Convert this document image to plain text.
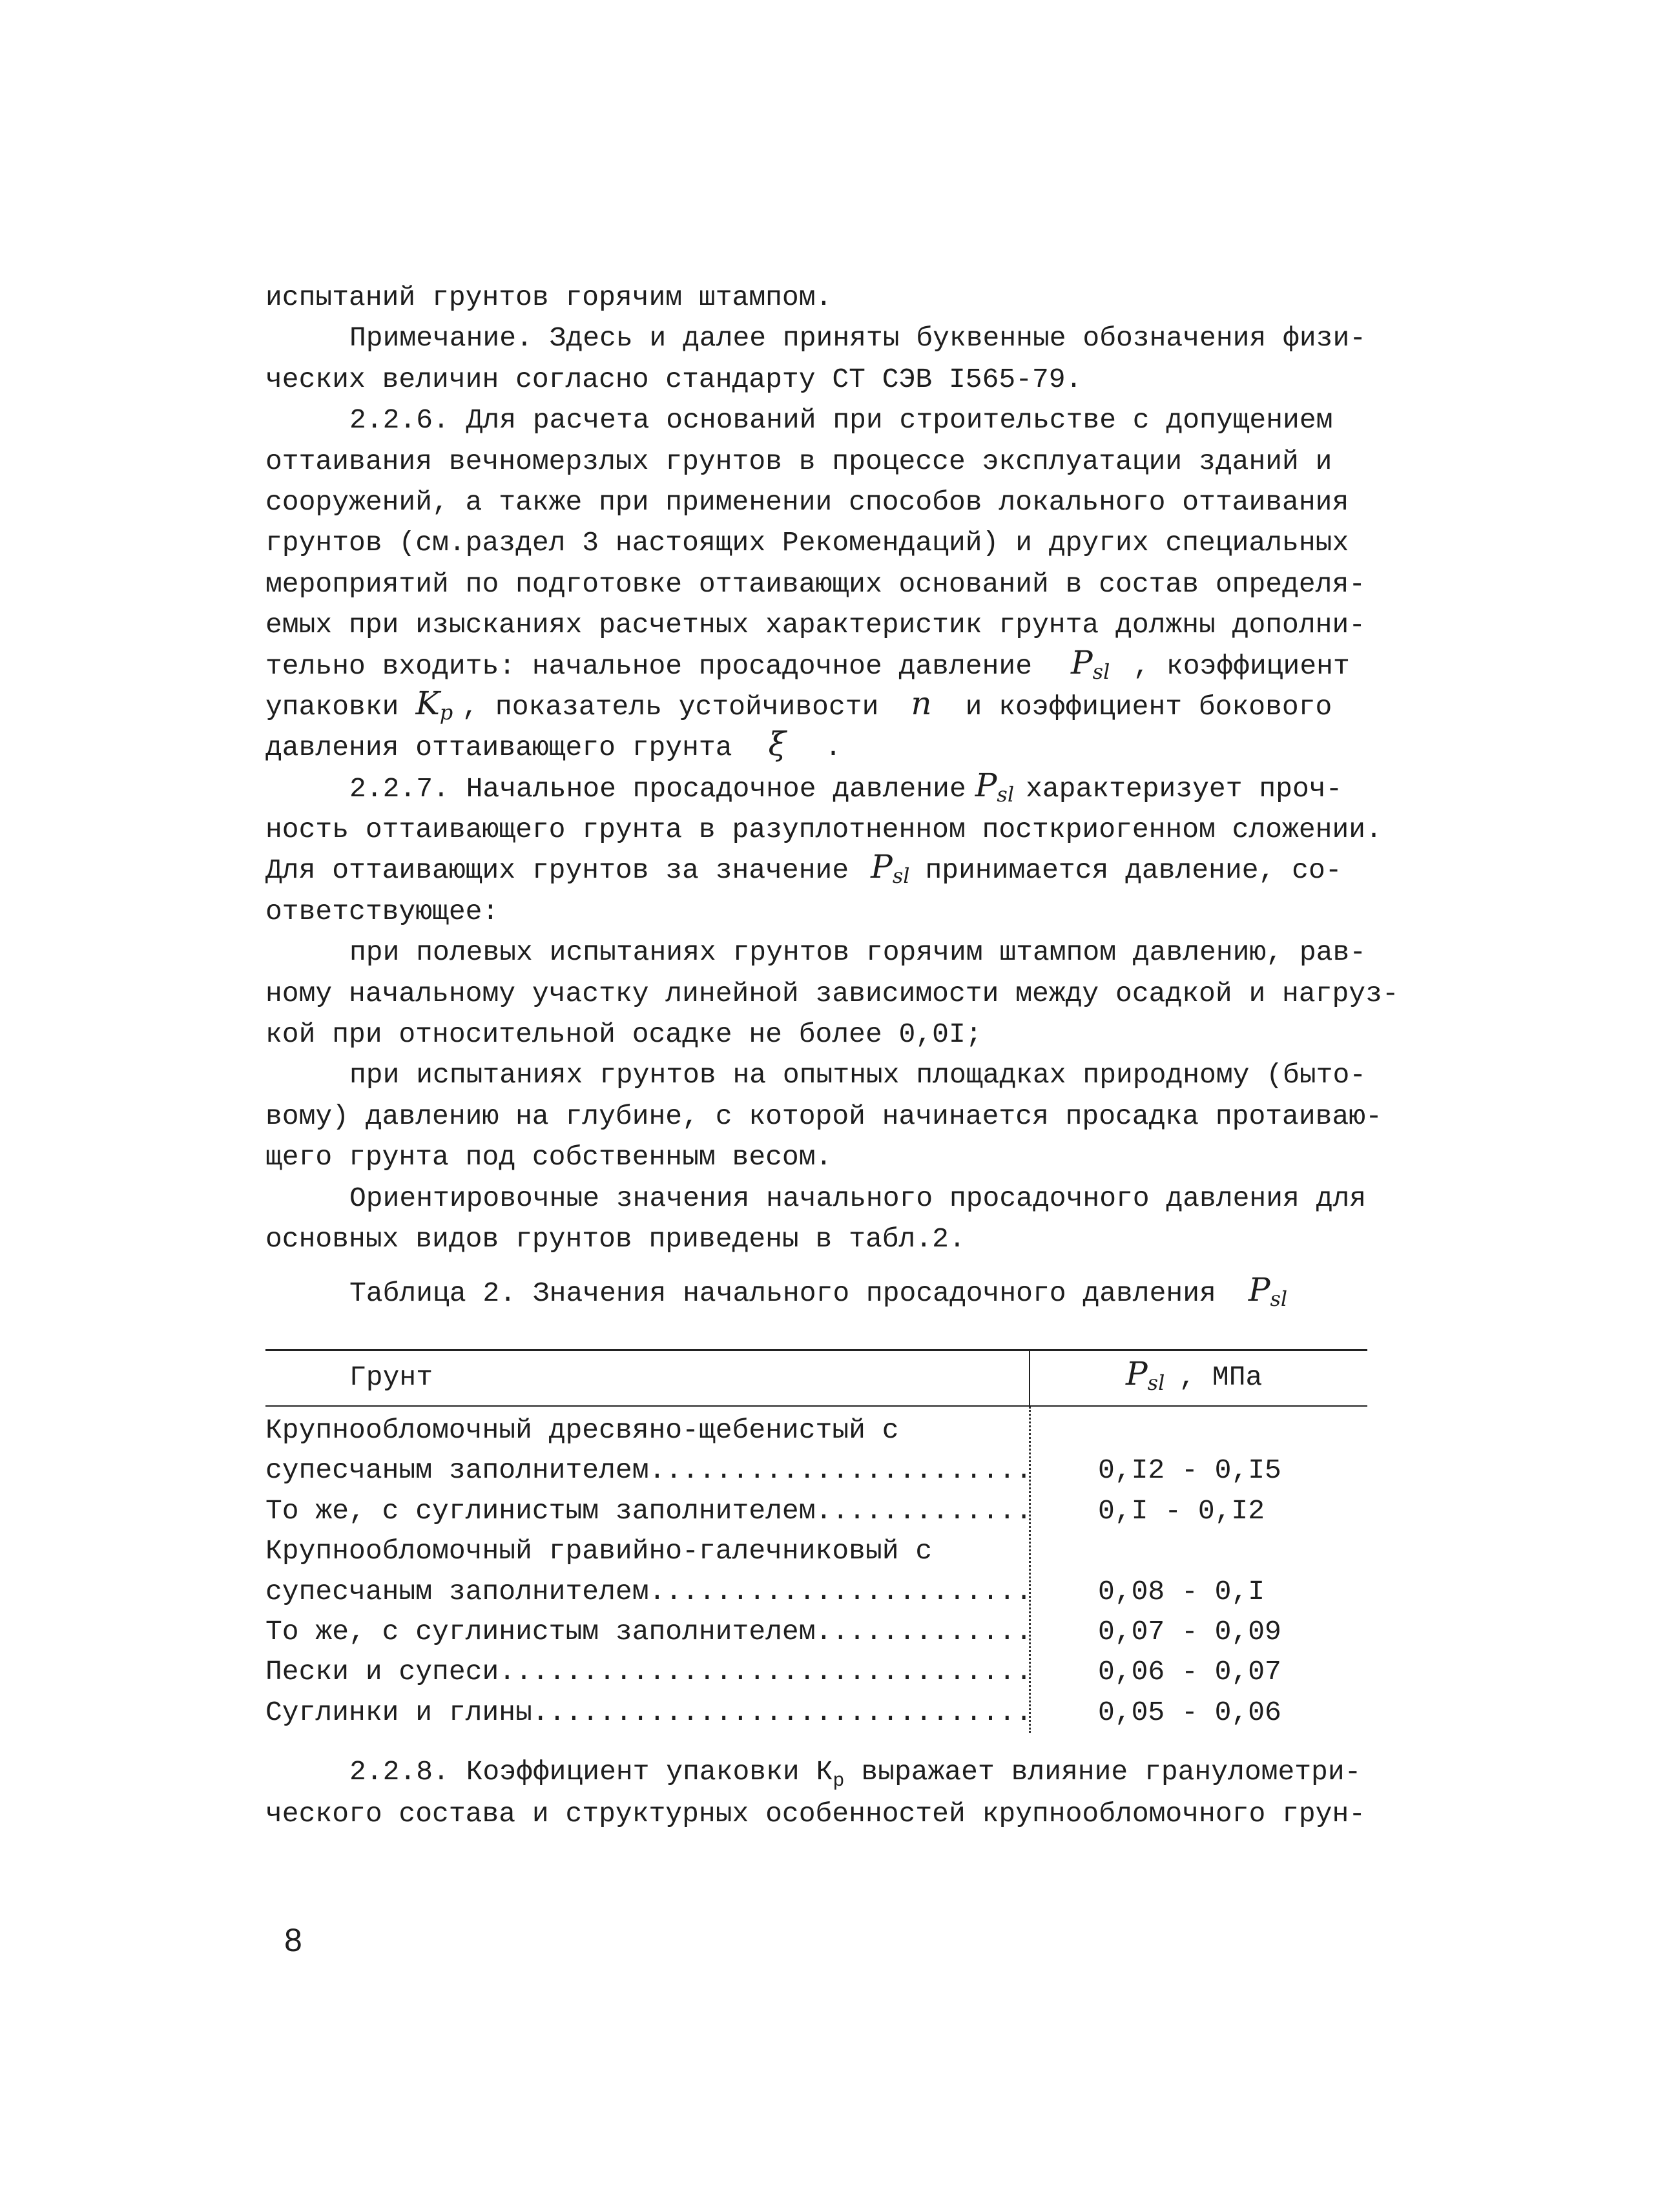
испытаний грунтов горячим штампом.
Примечание. Здесь и далее приняты буквенные обозначения физи-
ческих величин согласно стандарту СТ СЭВ I565-79.
2.2.6. Для расчета оснований при строительстве с допущением
оттаивания вечномерзлых грунтов в процессе эксплуатации зданий и
сооружений, а также при применении способов локального оттаивания
грунтов (см.раздел 3 настоящих Рекомендаций) и других специальных
мероприятий по подготовке оттаивающих оснований в состав определя-
емых при изысканиях расчетных характеристик грунта должны дополни-
тельно входить: начальное просадочное давление $P_{sl}$ , коэффициент
упаковки $K_p$ , показатель устойчивости n и коэффициент бокового
давления оттаивающего грунта ξ .
2.2.7. Начальное просадочное давление $P_{sl}$ характеризует проч-
ность оттаивающего грунта в разуплотненном посткриогенном сложении.
Для оттаивающих грунтов за значение $P_{sl}$ принимается давление, со-
ответствующее:
при полевых испытаниях грунтов горячим штампом давлению, рав-
ному начальному участку линейной зависимости между осадкой и нагруз-
кой при относительной осадке не более 0,0I;
при испытаниях грунтов на опытных площадках природному (быто-
вому) давлению на глубине, с которой начинается просадка протаиваю-
щего грунта под собственным весом.
Ориентировочные значения начального просадочного давления для
основных видов грунтов приведены в табл.2.
Таблица 2. Значения начального просадочного давления $P_{sl}$
Грунт	$P_{sl}$ , МПа
Крупнообломочный дресвяно-щебенистый с
супесчаным заполнителем .....	0,I2 - 0,I5
То же, с суглинистым заполнителем .....	0,I - 0,I2
Крупнообломочный гравийно-галечниковый с
супесчаным заполнителем .....	0,08 - 0,I
То же, с суглинистым заполнителем .....	0,07 - 0,09
Пески и супеси .....	0,06 - 0,07
Суглинки и глины .....	0,05 - 0,06
2.2.8. Коэффициент упаковки $К_р$ выражает влияние гранулометри-
ческого состава и структурных особенностей крупнообломочного грун-
8
